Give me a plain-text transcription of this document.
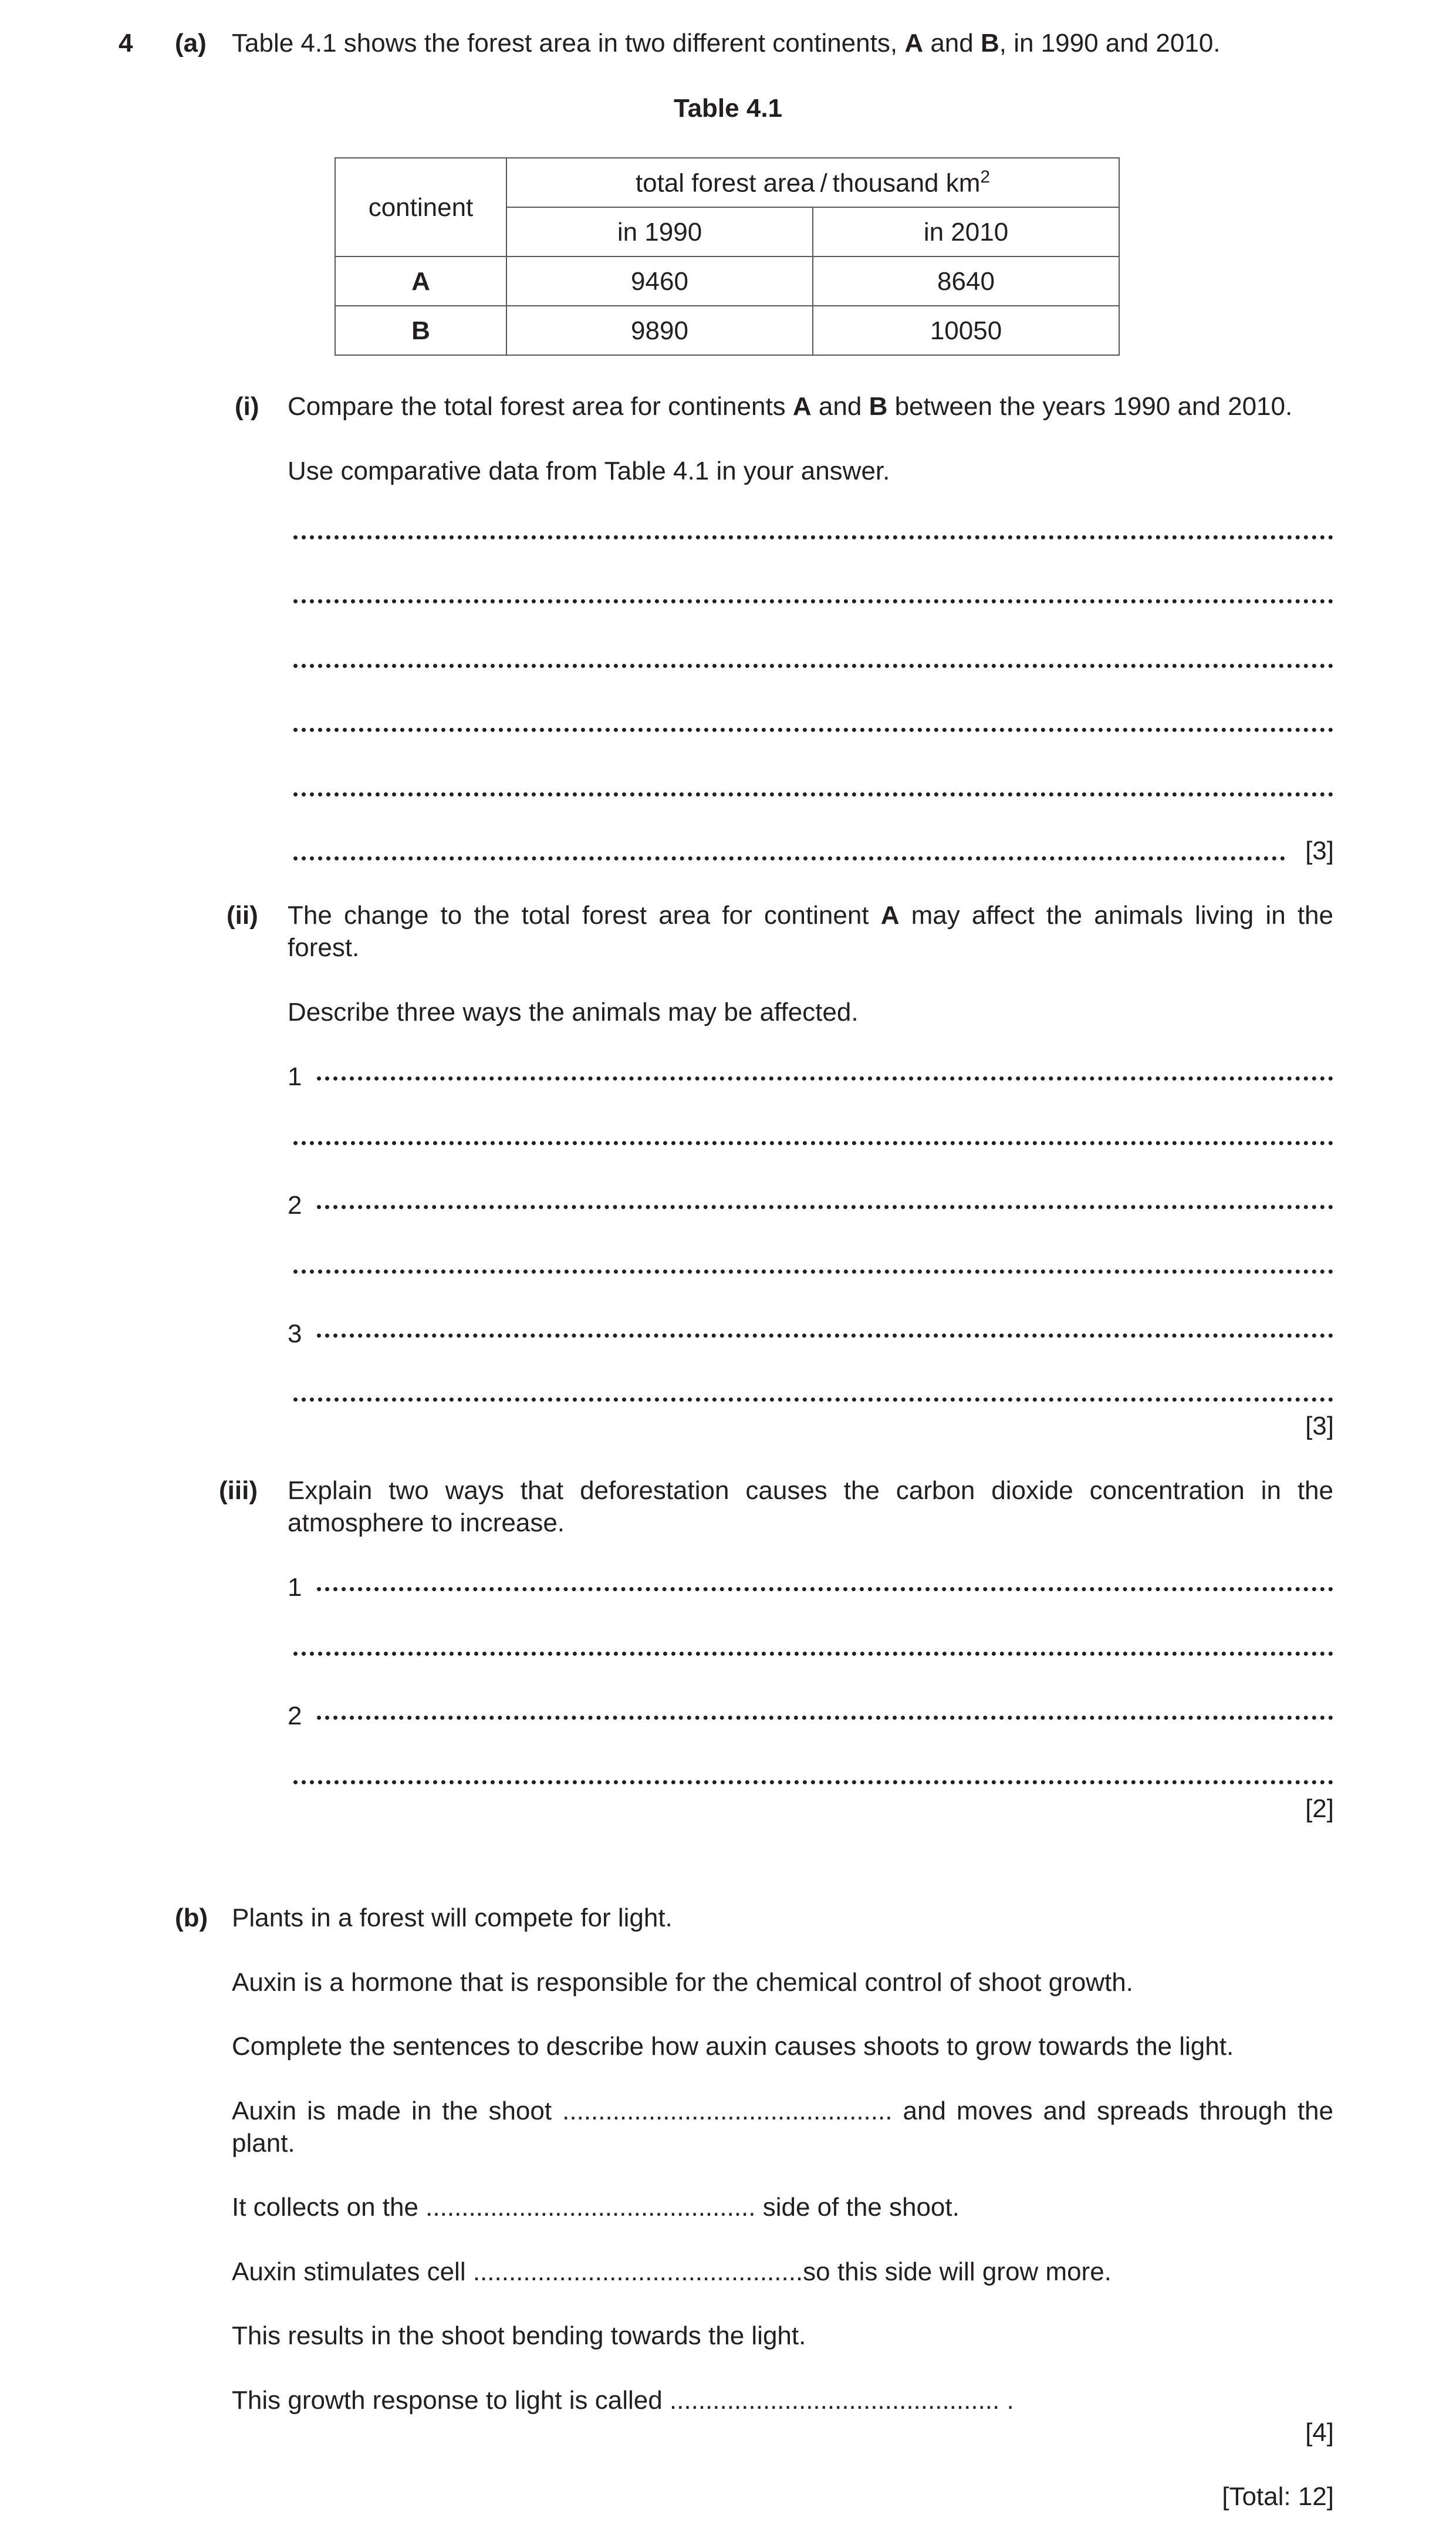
4 (a) Table 4.1 shows the forest area in two different continents, A and B, in 1990 and 2010.
Table 4.1
continent	total forest area / thousand $km^2$
	in 1990	in 2010
A	9460	8640
B	9890	10050
(i) Compare the total forest area for continents A and B between the years 1990 and 2010.
Use comparative data from Table 4.1 in your answer.
[3]
(ii) The change to the total forest area for continent A may affect the animals living in the forest.
Describe three ways the animals may be affected.
1
2
3
[3]
(iii) Explain two ways that deforestation causes the carbon dioxide concentration in the atmosphere to increase.
1
2
[2]
(b) Plants in a forest will compete for light.
Auxin is a hormone that is responsible for the chemical control of shoot growth.
Complete the sentences to describe how auxin causes shoots to grow towards the light.
Auxin is made in the shoot .............................................. and moves and spreads through the plant.
It collects on the .............................................. side of the shoot.
Auxin stimulates cell ..............................................so this side will grow more.
This results in the shoot bending towards the light.
This growth response to light is called .............................................. .
[4]
[Total: 12]
